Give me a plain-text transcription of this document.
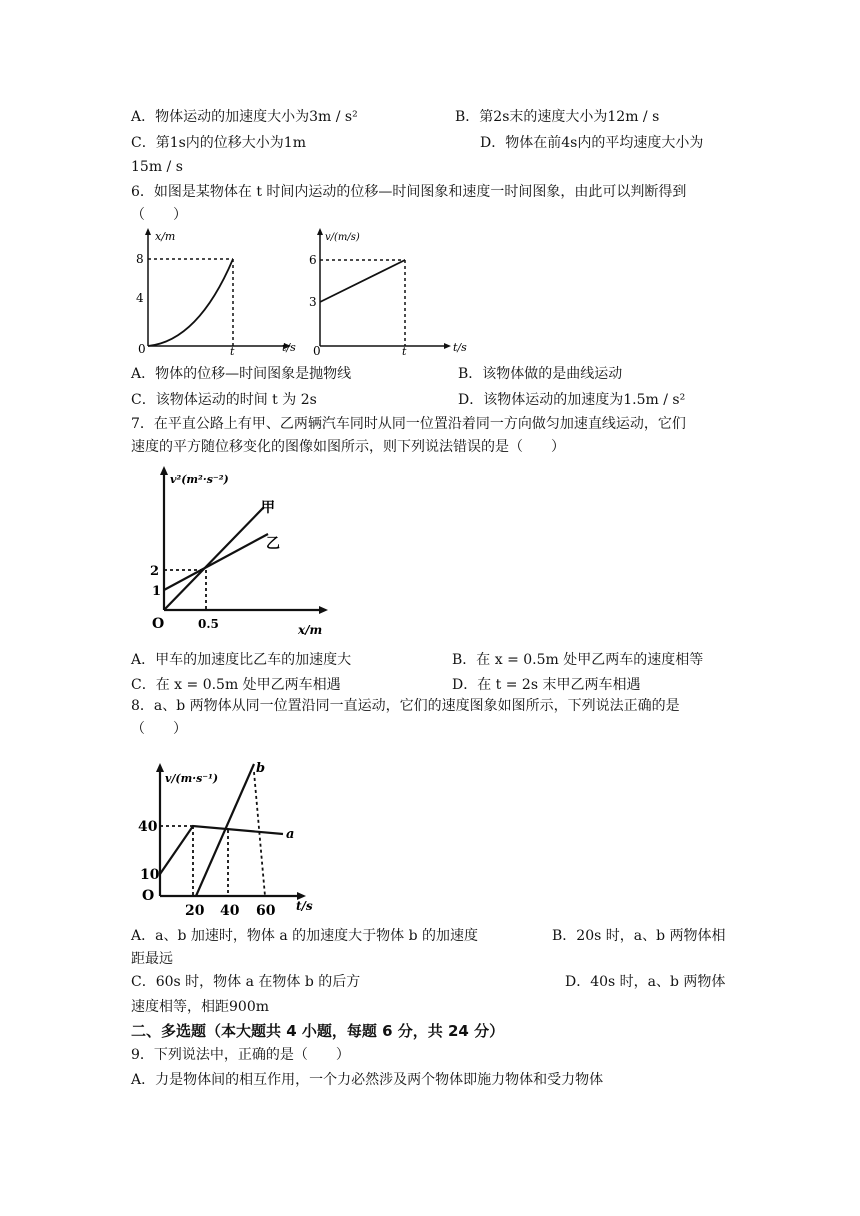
A．物体运动的加速度大小为3m / s²	B．第2s末的速度大小为12m / s
C．第1s内的位移大小为1m	D．物体在前4s内的平均速度大小为
15m / s
6．如图是某物体在 t 时间内运动的位移—时间图象和速度一时间图象，由此可以判断得到
（　　）
x/m
8
4
0	t	t/s
v/(m/s)
6
3
0	t	t/s
A．物体的位移—时间图象是抛物线	B．该物体做的是曲线运动
C．该物体运动的时间 t 为 2s	D．该物体运动的加速度为1.5m / s²
7．在平直公路上有甲、乙两辆汽车同时从同一位置沿着同一方向做匀加速直线运动，它们
速度的平方随位移变化的图像如图所示，则下列说法错误的是（　　）
v²(m²·s⁻²)
甲
乙
2
1
O	0.5	x/m
A．甲车的加速度比乙车的加速度大	B．在 x = 0.5m 处甲乙两车的速度相等
C．在 x = 0.5m 处甲乙两车相遇	D．在 t = 2s 末甲乙两车相遇
8．a、b 两物体从同一位置沿同一直运动，它们的速度图象如图所示，下列说法正确的是
（　　）
v/(m·s⁻¹)
b
a
40
10
O
20 40 60 t/s
A．a、b 加速时，物体 a 的加速度大于物体 b 的加速度	B．20s 时，a、b 两物体相
距最远
C．60s 时，物体 a 在物体 b 的后方	D．40s 时，a、b 两物体
速度相等，相距900m
二、多选题（本大题共 4 小题，每题 6 分，共 24 分）
9．下列说法中，正确的是（　　）
A．力是物体间的相互作用，一个力必然涉及两个物体即施力物体和受力物体
